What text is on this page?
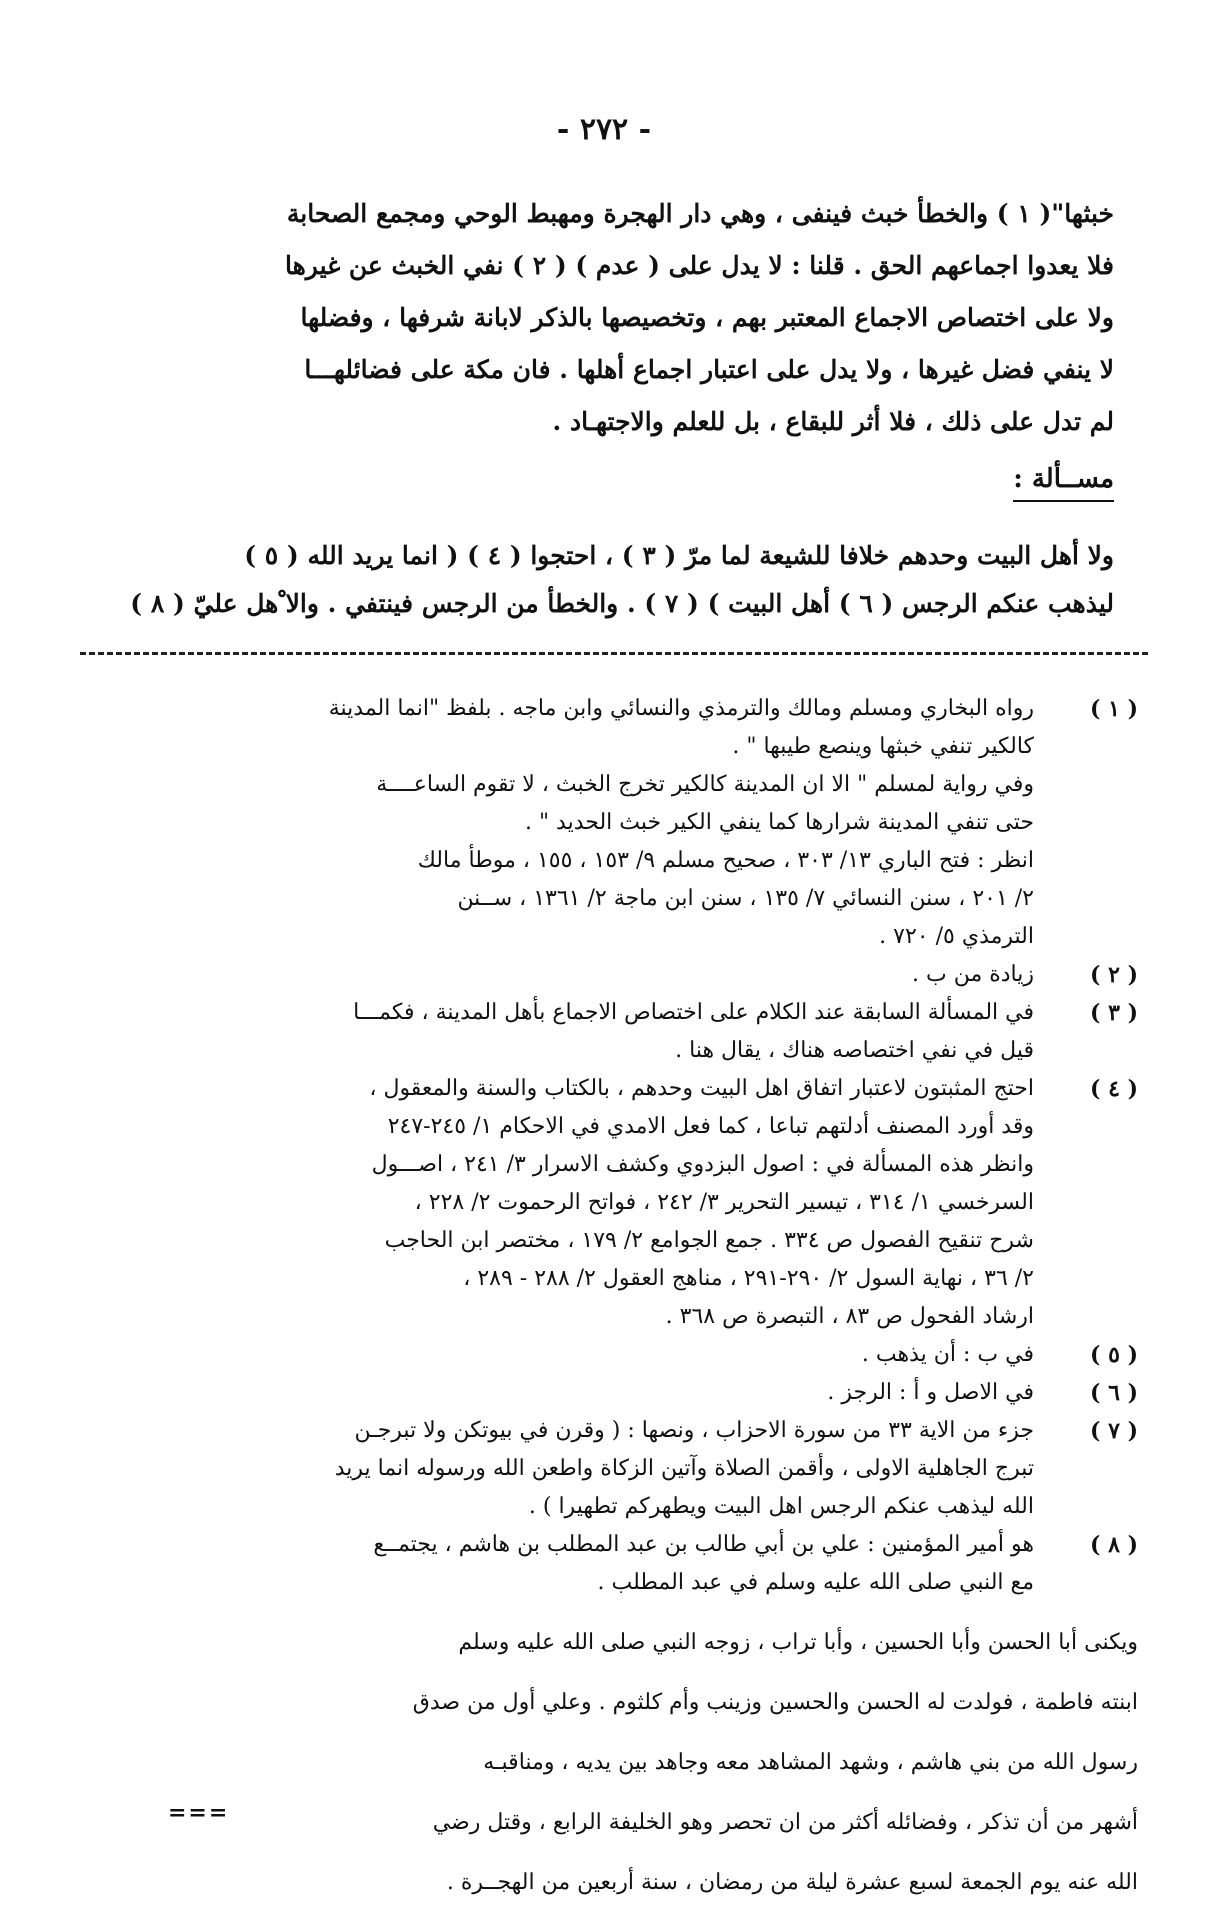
- ٢٧٢ -

خبثها"( ١ ) والخطأ خبث فينفى ، وهي دار الهجرة ومهبط الوحي ومجمع الصحابة

فلا يعدوا اجماعهم الحق . قلنا : لا يدل على ( عدم ) ( ٢ ) نفي الخبث عن غيرها

ولا على اختصاص الاجماع المعتبر بهم ، وتخصيصها بالذكر لابانة شرفها ، وفضلها

لا ينفي فضل غيرها ، ولا يدل على اعتبار اجماع أهلها . فان مكة على فضائلهـــا

لم تدل على ذلك ، فلا أثر للبقاع ، بل للعلم والاجتهـاد .

مســألة :

ولا أهل البيت وحدهم خلافا للشيعة لما مرّ ( ٣ ) ، احتجوا ( ٤ ) ( انما يريد الله ( ٥ )

ليذهب عنكم الرجس ( ٦ ) أهل البيت ) ( ٧ ) . والخطأ من الرجس فينتفي . والا ْهل عليّ ( ٨ )

( ١ )

رواه البخاري ومسلم ومالك والترمذي والنسائي وابن ماجه . بلفظ "انما المدينة

كالكير تنفي خبثها وينصع طيبها " .

وفي رواية لمسلم " الا ان المدينة كالكير تخرج الخبث ، لا تقوم الساعــــة

حتى تنفي المدينة شرارها كما ينفي الكير خبث الحديد " .

انظر : فتح الباري ١٣/ ٣٠٣ ، صحيح مسلم ٩/ ١٥٣ ، ١٥٥ ، موطأ مالك

٢/ ٢٠١ ، سنن النسائي ٧/ ١٣٥ ، سنن ابن ماجة ٢/ ١٣٦١ ، ســنن

الترمذي ٥/ ٧٢٠ .

( ٢ )

زيادة من ب .

( ٣ )

في المسألة السابقة عند الكلام على اختصاص الاجماع بأهل المدينة ، فكمـــا

قيل في نفي اختصاصه هناك ، يقال هنا .

( ٤ )

احتج المثبتون لاعتبار اتفاق اهل البيت وحدهم ، بالكتاب والسنة والمعقول ،

وقد أورد المصنف أدلتهم تباعا ، كما فعل الامدي في الاحكام ١/ ٢٤٥-٢٤٧

وانظر هذه المسألة في : اصول البزدوي وكشف الاسرار ٣/ ٢٤١ ، اصـــول

السرخسي ١/ ٣١٤ ، تيسير التحرير ٣/ ٢٤٢ ، فواتح الرحموت ٢/ ٢٢٨ ،

شرح تنقيح الفصول ص ٣٣٤ . جمع الجوامع ٢/ ١٧٩ ، مختصر ابن الحاجب

٢/ ٣٦ ، نهاية السول ٢/ ٢٩٠-٢٩١ ، مناهج العقول ٢/ ٢٨٨ - ٢٨٩ ،

ارشاد الفحول ص ٨٣ ، التبصرة ص ٣٦٨ .

( ٥ )

في ب : أن يذهب .

( ٦ )

في الاصل و أ : الرجز .

( ٧ )

جزء من الاية ٣٣ من سورة الاحزاب ، ونصها : ( وقرن في بيوتكن ولا تبرجـن

تبرج الجاهلية الاولى ، وأقمن الصلاة وآتين الزكاة واطعن الله ورسوله انما يريد

الله ليذهب عنكم الرجس اهل البيت ويطهركم تطهيرا ) .

( ٨ )

هو أمير المؤمنين : علي بن أبي طالب بن عبد المطلب بن هاشم ، يجتمــع

مع النبي صلى الله عليه وسلم في عبد المطلب .

ويكنى أبا الحسن وأبا الحسين ، وأبا تراب ، زوجه النبي صلى الله عليه وسلم

ابنته فاطمة ، فولدت له الحسن والحسين وزينب وأم كلثوم . وعلي أول من صدق

رسول الله من بني هاشم ، وشهد المشاهد معه وجاهد بين يديه ، ومناقبـه

أشهر من أن تذكر ، وفضائله أكثر من ان تحصر وهو الخليفة الرابع ، وقتل رضي

الله عنه يوم الجمعة لسبع عشرة ليلة من رمضان ، سنة أربعين من الهجــرة .

===
